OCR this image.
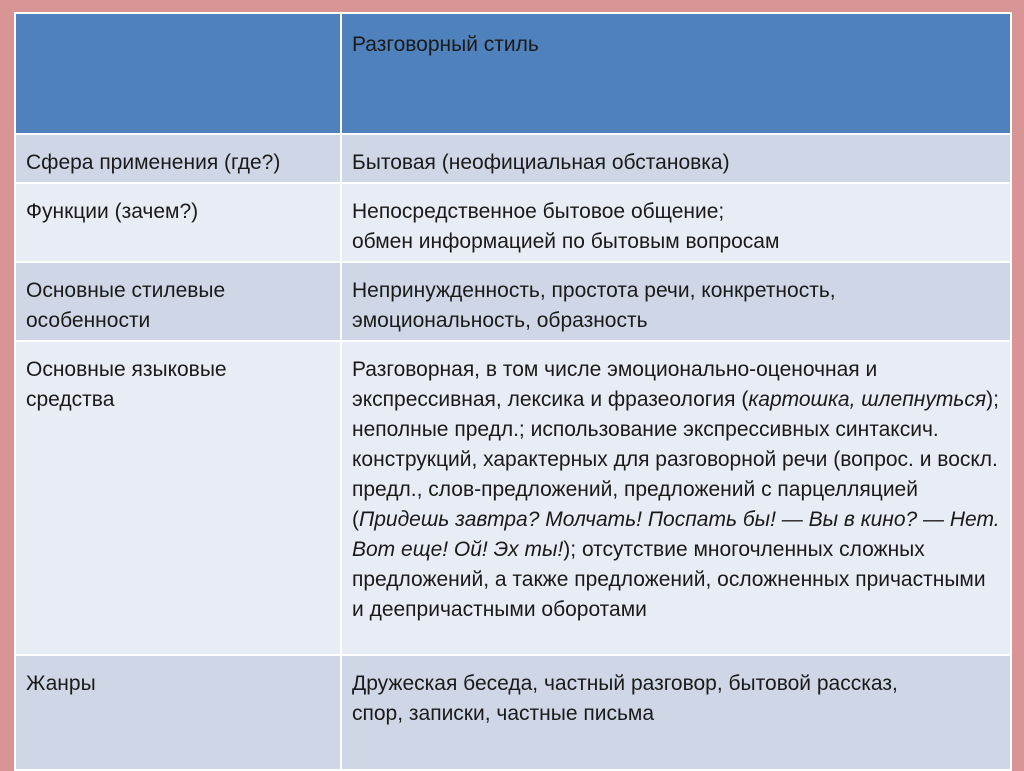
	Разговорный стиль
Сфера применения (где?)	Бытовая (неофициальная обстановка)

Функции (зачем?)	Непосредственное бытовое общение;
обмен информацией по бытовым вопросам

Основные стилевые
особенности	Непринужденность, простота речи, конкретность,
эмоциональность, образность

Основные языковые
средства	Разговорная, в том числе эмоционально-оценочная и экспрессивная, лексика и фразеология (картошка, шлепнуться); неполные предл.; использование экспрессивных синтаксич. конструкций, характерных для разговорной речи (вопрос. и воскл. предл., слов-предложений, предложений с парцелляцией (Придешь завтра? Молчать! Поспать бы! — Вы в кино? — Нет. Вот еще! Ой! Эх ты!); отсутствие многочленных сложных предложений, а также предложений, осложненных причастными и деепричастными оборотами
Жанры	Дружеская беседа, частный разговор, бытовой рассказ,
спор, записки, частные письма
